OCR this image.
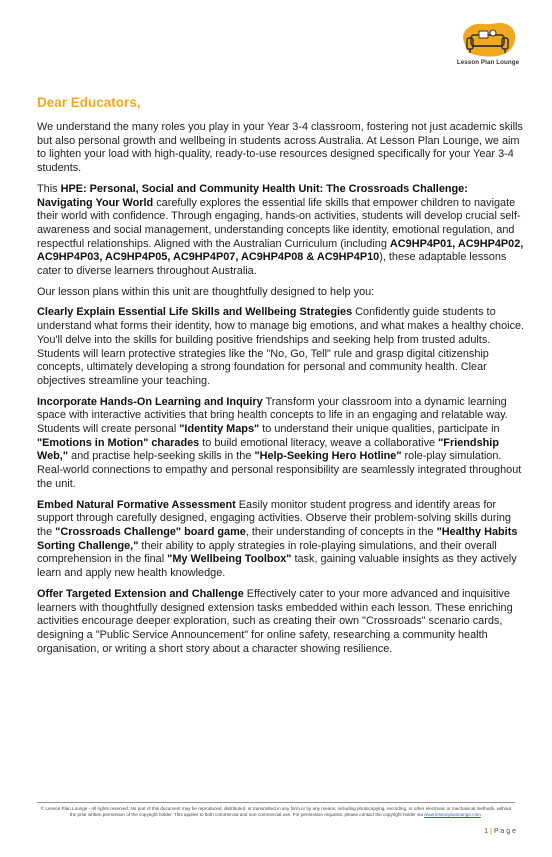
Lesson Plan Lounge
Dear Educators,

We understand the many roles you play in your Year 3-4 classroom, fostering not just academic skills but also personal growth and wellbeing in students across Australia. At Lesson Plan Lounge, we aim to lighten your load with high-quality, ready-to-use resources designed specifically for your Year 3-4 students.

This HPE: Personal, Social and Community Health Unit: The Crossroads Challenge: Navigating Your World carefully explores the essential life skills that empower children to navigate their world with confidence. Through engaging, hands-on activities, students will develop crucial self-awareness and social management, understanding concepts like identity, emotional regulation, and respectful relationships. Aligned with the Australian Curriculum (including AC9HP4P01, AC9HP4P02, AC9HP4P03, AC9HP4P05, AC9HP4P07, AC9HP4P08 & AC9HP4P10), these adaptable lessons cater to diverse learners throughout Australia.

Our lesson plans within this unit are thoughtfully designed to help you:

Clearly Explain Essential Life Skills and Wellbeing Strategies Confidently guide students to understand what forms their identity, how to manage big emotions, and what makes a healthy choice. You'll delve into the skills for building positive friendships and seeking help from trusted adults. Students will learn protective strategies like the "No, Go, Tell" rule and grasp digital citizenship concepts, ultimately developing a strong foundation for personal and community health. Clear objectives streamline your teaching.

Incorporate Hands-On Learning and Inquiry Transform your classroom into a dynamic learning space with interactive activities that bring health concepts to life in an engaging and relatable way. Students will create personal "Identity Maps" to understand their unique qualities, participate in "Emotions in Motion" charades to build emotional literacy, weave a collaborative "Friendship Web," and practise help-seeking skills in the "Help-Seeking Hero Hotline" role-play simulation. Real-world connections to empathy and personal responsibility are seamlessly integrated throughout the unit.

Embed Natural Formative Assessment Easily monitor student progress and identify areas for support through carefully designed, engaging activities. Observe their problem-solving skills during the "Crossroads Challenge" board game, their understanding of concepts in the "Healthy Habits Sorting Challenge," their ability to apply strategies in role-playing simulations, and their overall comprehension in the final "My Wellbeing Toolbox" task, gaining valuable insights as they actively learn and apply new health knowledge.

Offer Targeted Extension and Challenge Effectively cater to your more advanced and inquisitive learners with thoughtfully designed extension tasks embedded within each lesson. These enriching activities encourage deeper exploration, such as creating their own "Crossroads" scenario cards, designing a "Public Service Announcement" for online safety, researching a community health organisation, or writing a short story about a character showing resilience.

© Lesson Plan Lounge - All rights reserved. No part of this document may be reproduced, distributed, or transmitted in any form or by any means, including photocopying, recording, or other electronic or mechanical methods, without the prior written permission of the copyright holder. This applies to both commercial and non-commercial use. For permission requests, please contact the copyright holder via www.lessonplanlounge.com.
1 | P a g e
